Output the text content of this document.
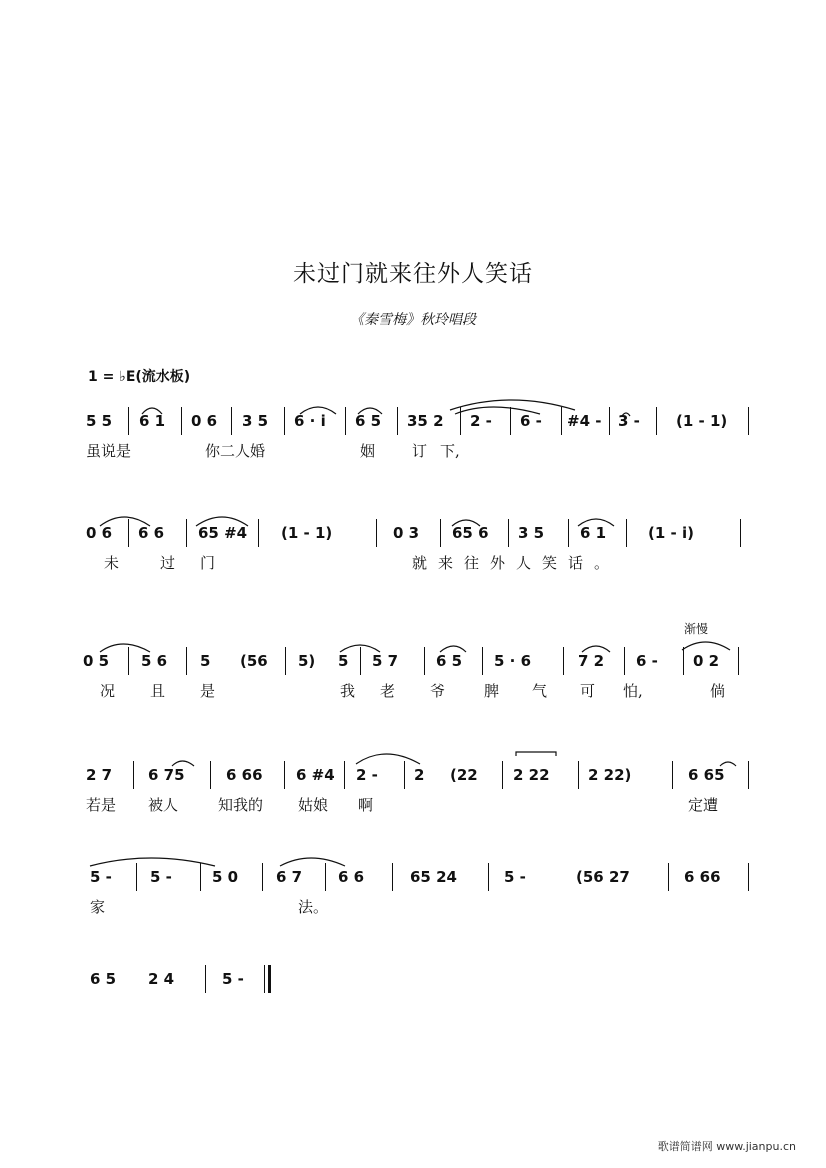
未过门就来往外人笑话
《秦雪梅》秋玲唱段
1 = ♭E(流水板)
5 5 6 1 0 6 3 5 6 · i 6 5 35 2 2 - 6 - #4 - 3 - (1 - 1)
虽说是	你二人婚	姻 订 下,
0 6 6 6 65 #4 (1 - 1)	0 3 65 6 3 5 6 1	(1 - i)
未	过 门	就来往外人笑话。
渐慢
0 5 5 6 5 (56 5) 5 5 7	6 5 5 · 6	7 2 6 - 0 2
况 且 是	我 老 爷	脾 气 可 怕,	倘
2 7 6 75	6 66 6 #4 2 - 2 (22 2 22	2 22)	6 65
若是 被人	知我的 姑娘 啊	定遭
5 -	5 -	5 0	6 7 6 6	65 24	5 -	(56 27	6 66
家	法。
6 5 2 4	5 -
歌谱简谱网 www.jianpu.cn
